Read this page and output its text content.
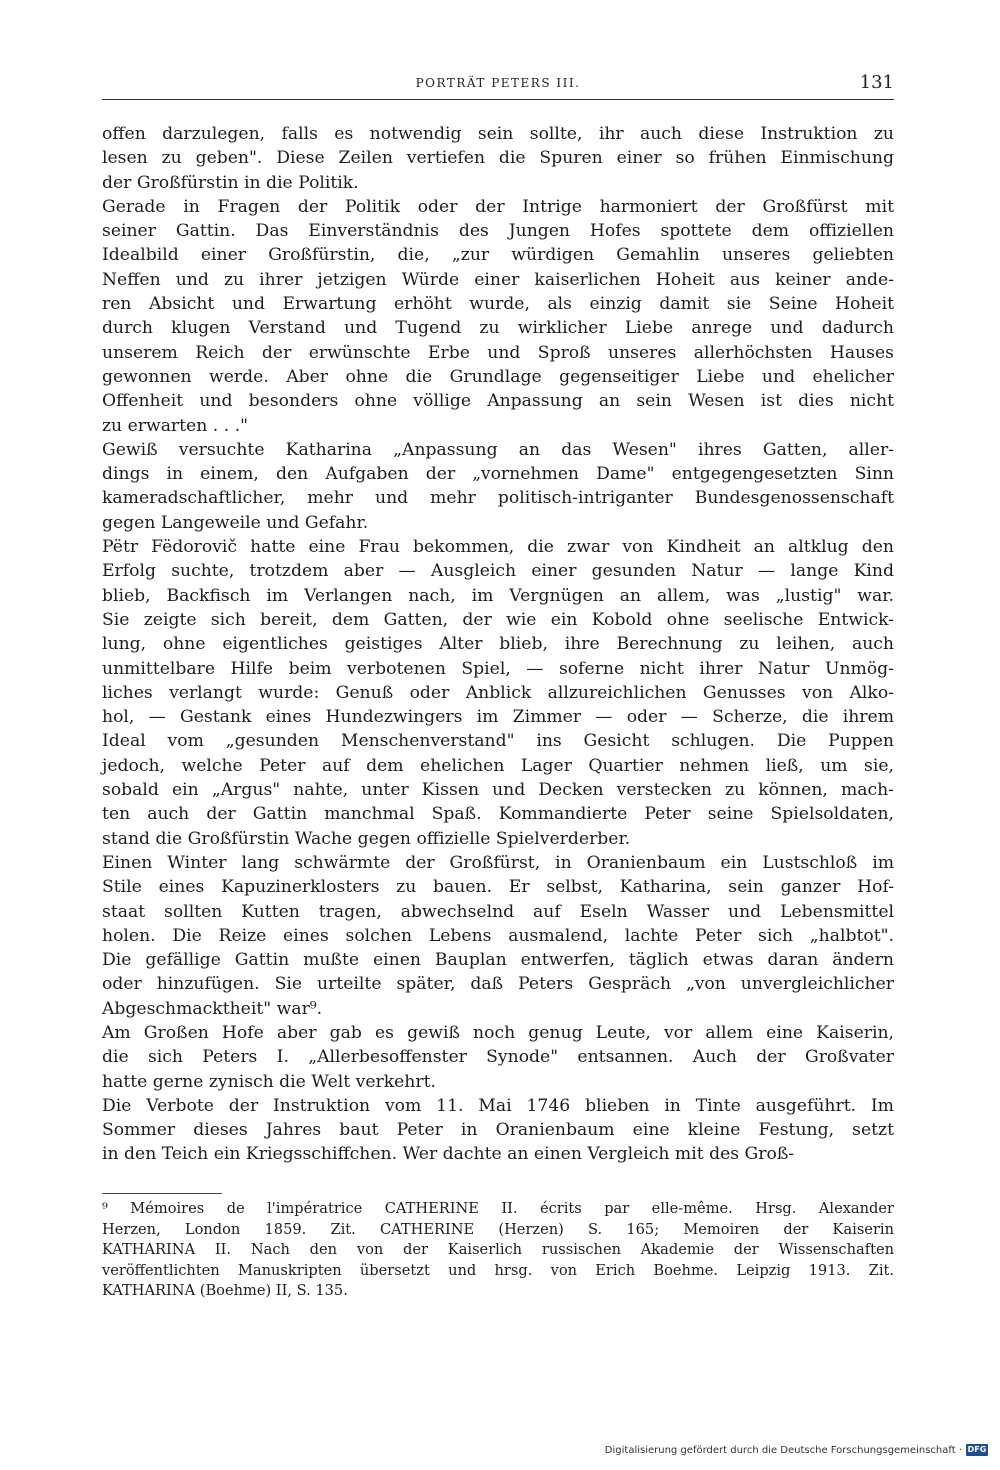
PORTRÄT PETERS III.	131
offen darzulegen, falls es notwendig sein sollte, ihr auch diese Instruktion zu
lesen zu geben". Diese Zeilen vertiefen die Spuren einer so frühen Einmischung
der Großfürstin in die Politik.
Gerade in Fragen der Politik oder der Intrige harmoniert der Großfürst mit
seiner Gattin. Das Einverständnis des Jungen Hofes spottete dem offiziellen
Idealbild einer Großfürstin, die, „zur würdigen Gemahlin unseres geliebten
Neffen und zu ihrer jetzigen Würde einer kaiserlichen Hoheit aus keiner ande-
ren Absicht und Erwartung erhöht wurde, als einzig damit sie Seine Hoheit
durch klugen Verstand und Tugend zu wirklicher Liebe anrege und dadurch
unserem Reich der erwünschte Erbe und Sproß unseres allerhöchsten Hauses
gewonnen werde. Aber ohne die Grundlage gegenseitiger Liebe und ehelicher
Offenheit und besonders ohne völlige Anpassung an sein Wesen ist dies nicht
zu erwarten . . ."
Gewiß versuchte Katharina „Anpassung an das Wesen" ihres Gatten, aller-
dings in einem, den Aufgaben der „vornehmen Dame" entgegengesetzten Sinn
kameradschaftlicher, mehr und mehr politisch-intriganter Bundesgenossenschaft
gegen Langeweile und Gefahr.
Pëtr Fëdorovič hatte eine Frau bekommen, die zwar von Kindheit an altklug den
Erfolg suchte, trotzdem aber — Ausgleich einer gesunden Natur — lange Kind
blieb, Backfisch im Verlangen nach, im Vergnügen an allem, was „lustig" war.
Sie zeigte sich bereit, dem Gatten, der wie ein Kobold ohne seelische Entwick-
lung, ohne eigentliches geistiges Alter blieb, ihre Berechnung zu leihen, auch
unmittelbare Hilfe beim verbotenen Spiel, — soferne nicht ihrer Natur Unmög-
liches verlangt wurde: Genuß oder Anblick allzureichlichen Genusses von Alko-
hol, — Gestank eines Hundezwingers im Zimmer — oder — Scherze, die ihrem
Ideal vom „gesunden Menschenverstand" ins Gesicht schlugen. Die Puppen
jedoch, welche Peter auf dem ehelichen Lager Quartier nehmen ließ, um sie,
sobald ein „Argus" nahte, unter Kissen und Decken verstecken zu können, mach-
ten auch der Gattin manchmal Spaß. Kommandierte Peter seine Spielsoldaten,
stand die Großfürstin Wache gegen offizielle Spielverderber.
Einen Winter lang schwärmte der Großfürst, in Oranienbaum ein Lustschloß im
Stile eines Kapuzinerklosters zu bauen. Er selbst, Katharina, sein ganzer Hof-
staat sollten Kutten tragen, abwechselnd auf Eseln Wasser und Lebensmittel
holen. Die Reize eines solchen Lebens ausmalend, lachte Peter sich „halbtot".
Die gefällige Gattin mußte einen Bauplan entwerfen, täglich etwas daran ändern
oder hinzufügen. Sie urteilte später, daß Peters Gespräch „von unvergleichlicher
Abgeschmacktheit" war⁹.
Am Großen Hofe aber gab es gewiß noch genug Leute, vor allem eine Kaiserin,
die sich Peters I. „Allerbesoffenster Synode" entsannen. Auch der Großvater
hatte gerne zynisch die Welt verkehrt.
Die Verbote der Instruktion vom 11. Mai 1746 blieben in Tinte ausgeführt. Im
Sommer dieses Jahres baut Peter in Oranienbaum eine kleine Festung, setzt
in den Teich ein Kriegsschiffchen. Wer dachte an einen Vergleich mit des Groß-
⁹ Mémoires de l'impératrice CATHERINE II. écrits par elle-même. Hrsg. Alexander
Herzen, London 1859. Zit. CATHERINE (Herzen) S. 165; Memoiren der Kaiserin
KATHARINA II. Nach den von der Kaiserlich russischen Akademie der Wissenschaften
veröffentlichten Manuskripten übersetzt und hrsg. von Erich Boehme. Leipzig 1913. Zit.
KATHARINA (Boehme) II, S. 135.
Digitalisierung gefördert durch die Deutsche Forschungsgemeinschaft · DFG
